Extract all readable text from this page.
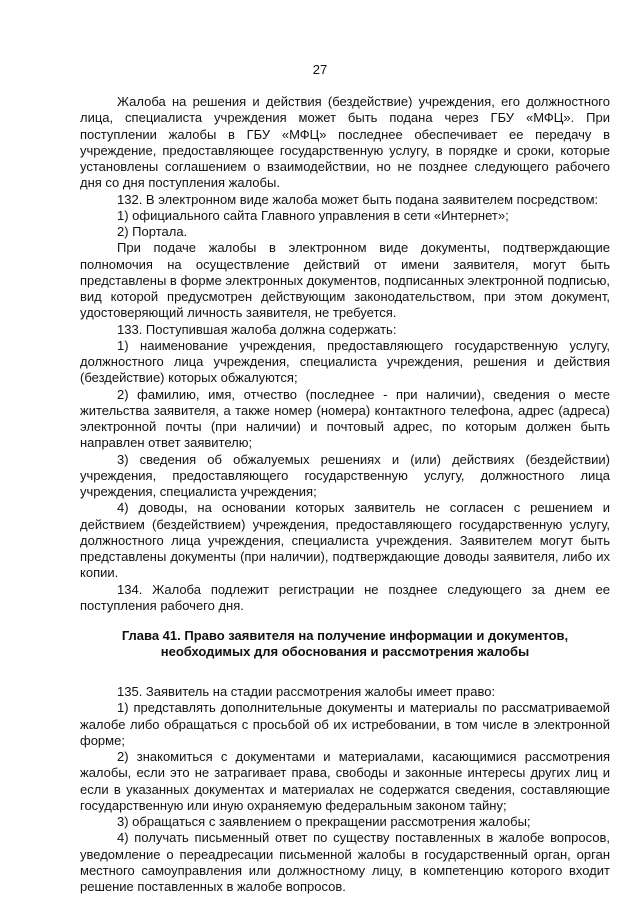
27

Жалоба на решения и действия (бездействие) учреждения, его должностного лица, специалиста учреждения может быть подана через ГБУ «МФЦ». При поступлении жалобы в ГБУ «МФЦ» последнее обеспечивает ее передачу в учреждение, предоставляющее государственную услугу, в порядке и сроки, которые установлены соглашением о взаимодействии, но не позднее следующего рабочего дня со дня поступления жалобы.

132. В электронном виде жалоба может быть подана заявителем посредством:

1) официального сайта Главного управления в сети «Интернет»;

2) Портала.

При подаче жалобы в электронном виде документы, подтверждающие полномочия на осуществление действий от имени заявителя, могут быть представлены в форме электронных документов, подписанных электронной подписью, вид которой предусмотрен действующим законодательством, при этом документ, удостоверяющий личность заявителя, не требуется.

133. Поступившая жалоба должна содержать:

1) наименование учреждения, предоставляющего государственную услугу, должностного лица учреждения, специалиста учреждения, решения и действия (бездействие) которых обжалуются;

2) фамилию, имя, отчество (последнее - при наличии), сведения о месте жительства заявителя, а также номер (номера) контактного телефона, адрес (адреса) электронной почты (при наличии) и почтовый адрес, по которым должен быть направлен ответ заявителю;

3) сведения об обжалуемых решениях и (или) действиях (бездействии) учреждения, предоставляющего государственную услугу, должностного лица учреждения, специалиста учреждения;

4) доводы, на основании которых заявитель не согласен с решением и действием (бездействием) учреждения, предоставляющего государственную услугу, должностного лица учреждения, специалиста учреждения. Заявителем могут быть представлены документы (при наличии), подтверждающие доводы заявителя, либо их копии.

134. Жалоба подлежит регистрации не позднее следующего за днем ее поступления рабочего дня.

Глава 41. Право заявителя на получение информации и документов,
необходимых для обоснования и рассмотрения жалобы

135. Заявитель на стадии рассмотрения жалобы имеет право:

1) представлять дополнительные документы и материалы по рассматриваемой жалобе либо обращаться с просьбой об их истребовании, в том числе в электронной форме;

2) знакомиться с документами и материалами, касающимися рассмотрения жалобы, если это не затрагивает права, свободы и законные интересы других лиц и если в указанных документах и материалах не содержатся сведения, составляющие государственную или иную охраняемую федеральным законом тайну;

3) обращаться с заявлением о прекращении рассмотрения жалобы;

4) получать письменный ответ по существу поставленных в жалобе вопросов, уведомление о переадресации письменной жалобы в государственный орган, орган местного самоуправления или должностному лицу, в компетенцию которого входит решение поставленных в жалобе вопросов.
